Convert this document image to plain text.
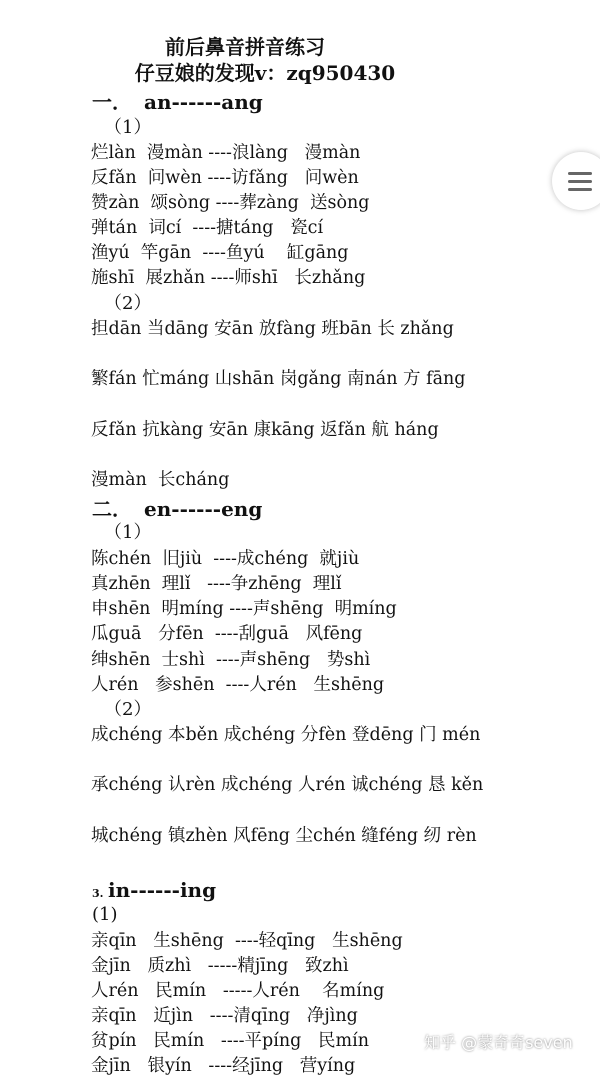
前后鼻音拼音练习
仔豆娘的发现v：zq950430
一． an------ang
（1）
烂làn  漫màn ----浪làng   漫màn
反fǎn  问wèn ----访fǎng   问wèn
赞zàn  颂sòng ----葬zàng  送sòng
弹tán  词cí  ----搪táng   瓷cí
渔yú  竿gān  ----鱼yú    缸gāng
施shī  展zhǎn ----师shī   长zhǎng
（2）
担dān 当dāng 安ān 放fàng 班bān 长 zhǎng
繁fán 忙máng 山shān 岗gǎng 南nán 方 fāng
反fǎn 抗kàng 安ān 康kāng 返fǎn 航 háng
漫màn  长cháng
二． en------eng
（1）
陈chén  旧jiù  ----成chéng  就jiù
真zhēn  理lǐ   ----争zhēng  理lǐ
申shēn  明míng ----声shēng  明míng
瓜guā   分fēn  ----刮guā   风fēng
绅shēn  士shì  ----声shēng   势shì
人rén   参shēn  ----人rén   生shēng
（2）
成chéng 本běn 成chéng 分fèn 登dēng 门 mén
承chéng 认rèn 成chéng 人rén 诚chéng 恳 kěn
城chéng 镇zhèn 风fēng 尘chén 缝féng 纫 rèn
3. in------ing
(1)
亲qīn   生shēng  ----轻qīng   生shēng
金jīn   质zhì   -----精jīng   致zhì
人rén   民mín   -----人rén    名míng
亲qīn   近jìn   ----清qīng   净jìng
贫pín   民mín   ----平píng   民mín
金jīn   银yín   ----经jīng   营yíng
知乎 @蒙奇奇seven
